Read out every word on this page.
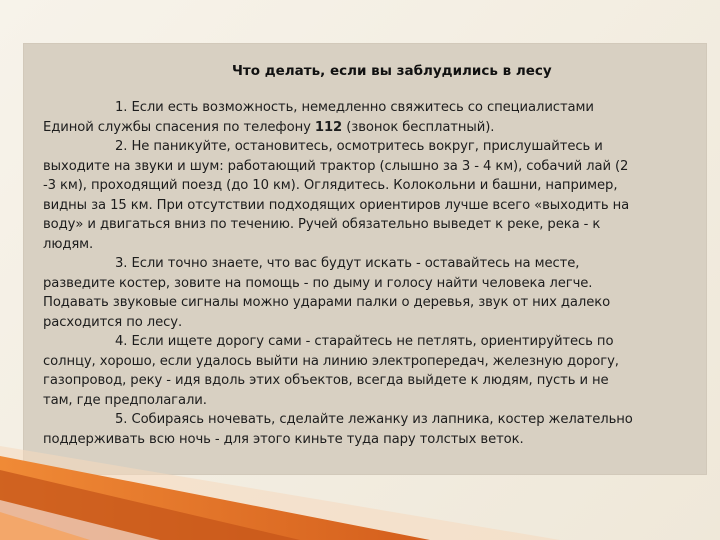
Что делать, если вы заблудились в лесу
1. Если есть возможность, немедленно свяжитесь со специалистами
Единой службы спасения по телефону 112 (звонок бесплатный).
2. Не паникуйте, остановитесь, осмотритесь вокруг, прислушайтесь и
выходите на звуки и шум: работающий трактор (слышно за 3 - 4 км), собачий лай (2
-3 км), проходящий поезд (до 10 км). Оглядитесь. Колокольни и башни, например,
видны за 15 км. При отсутствии подходящих ориентиров лучше всего «выходить на
воду» и двигаться вниз по течению. Ручей обязательно выведет к реке, река - к
людям.
3. Если точно знаете, что вас будут искать - оставайтесь на месте,
разведите костер, зовите на помощь - по дыму и голосу найти человека легче.
Подавать звуковые сигналы можно ударами палки о деревья, звук от них далеко
расходится по лесу.
4. Если ищете дорогу сами - старайтесь не петлять, ориентируйтесь по
солнцу, хорошо, если удалось выйти на линию электропередач, железную дорогу,
газопровод, реку - идя вдоль этих объектов, всегда выйдете к людям, пусть и не
там, где предполагали.
5. Собираясь ночевать, сделайте лежанку из лапника, костер желательно
поддерживать всю ночь - для этого киньте туда пару толстых веток.
